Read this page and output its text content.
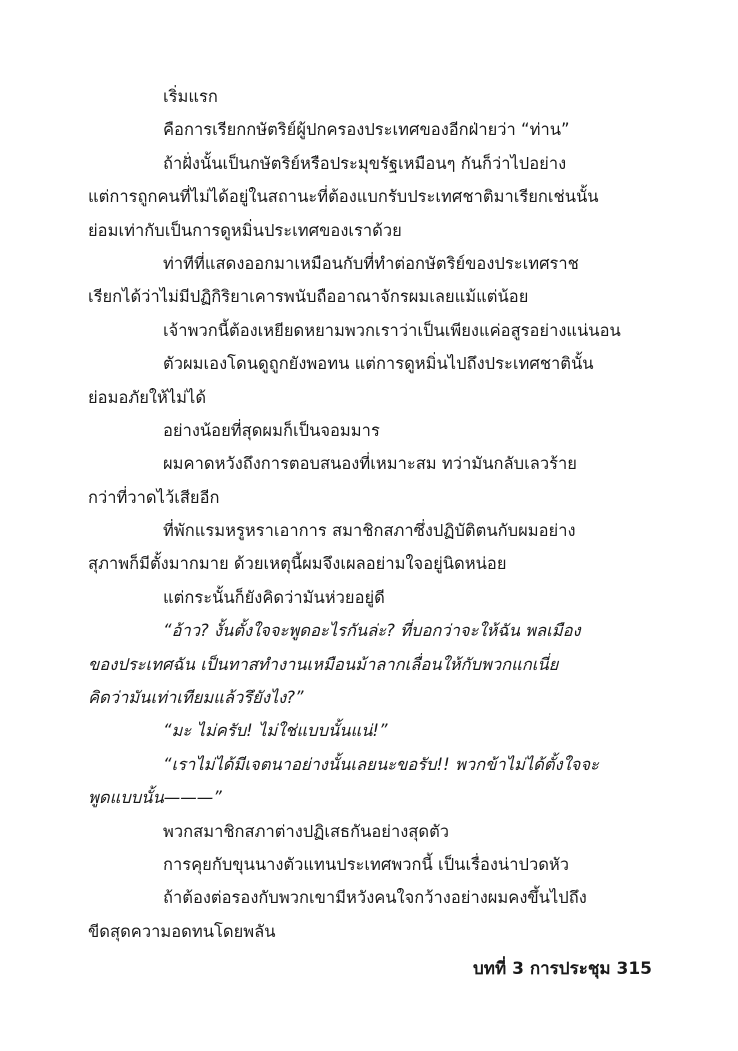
เริ่มแรก
คือการเรียกกษัตริย์ผู้ปกครองประเทศของอีกฝ่ายว่า “ท่าน”
ถ้าฝั่งนั้นเป็นกษัตริย์หรือประมุขรัฐเหมือนๆ กันก็ว่าไปอย่าง
แต่การถูกคนที่ไม่ได้อยู่ในสถานะที่ต้องแบกรับประเทศชาติมาเรียกเช่นนั้น
ย่อมเท่ากับเป็นการดูหมิ่นประเทศของเราด้วย
ท่าทีที่แสดงออกมาเหมือนกับที่ทำต่อกษัตริย์ของประเทศราช
เรียกได้ว่าไม่มีปฏิกิริยาเคารพนับถืออาณาจักรผมเลยแม้แต่น้อย
เจ้าพวกนี้ต้องเหยียดหยามพวกเราว่าเป็นเพียงแค่อสูรอย่างแน่นอน
ตัวผมเองโดนดูถูกยังพอทน แต่การดูหมิ่นไปถึงประเทศชาตินั้น
ย่อมอภัยให้ไม่ได้
อย่างน้อยที่สุดผมก็เป็นจอมมาร
ผมคาดหวังถึงการตอบสนองที่เหมาะสม ทว่ามันกลับเลวร้าย
กว่าที่วาดไว้เสียอีก
ที่พักแรมหรูหราเอาการ สมาชิกสภาซึ่งปฏิบัติตนกับผมอย่าง
สุภาพก็มีตั้งมากมาย ด้วยเหตุนี้ผมจึงเผลอย่ามใจอยู่นิดหน่อย
แต่กระนั้นก็ยังคิดว่ามันห่วยอยู่ดี
“อ้าว? งั้นตั้งใจจะพูดอะไรกันล่ะ? ที่บอกว่าจะให้ฉัน พลเมือง
ของประเทศฉัน เป็นทาสทำงานเหมือนม้าลากเลื่อนให้กับพวกแกเนี่ย
คิดว่ามันเท่าเทียมแล้วรึยังไง?”
“มะ ไม่ครับ! ไม่ใช่แบบนั้นแน่!”
“เราไม่ได้มีเจตนาอย่างนั้นเลยนะขอรับ!! พวกข้าไม่ได้ตั้งใจจะ
พูดแบบนั้น———”
พวกสมาชิกสภาต่างปฏิเสธกันอย่างสุดตัว
การคุยกับขุนนางตัวแทนประเทศพวกนี้ เป็นเรื่องน่าปวดหัว
ถ้าต้องต่อรองกับพวกเขามีหวังคนใจกว้างอย่างผมคงขึ้นไปถึง
ขีดสุดความอดทนโดยพลัน
บทที่ 3 การประชุม 315
